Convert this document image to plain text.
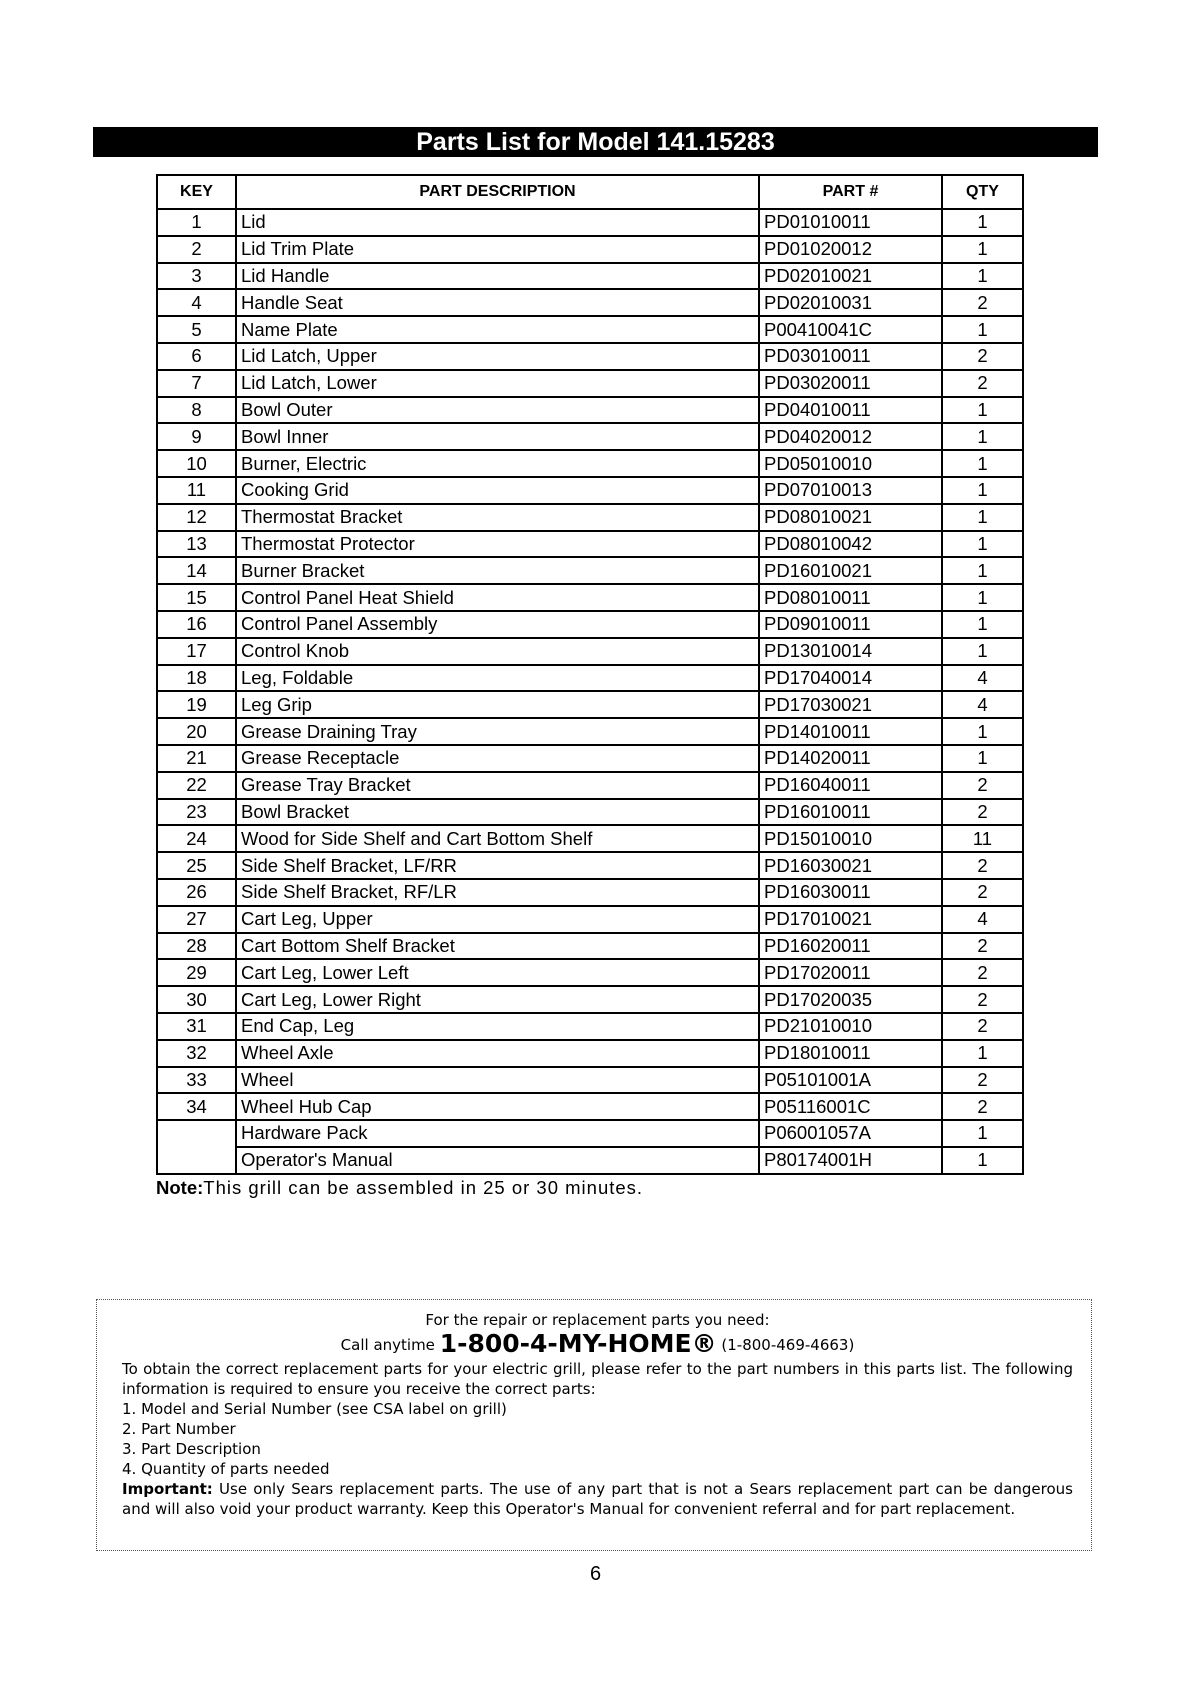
Parts List for Model 141.15283
KEY	PART DESCRIPTION	PART #	QTY
1	Lid	PD01010011	1
2	Lid Trim Plate	PD01020012	1
3	Lid Handle	PD02010021	1
4	Handle Seat	PD02010031	2
5	Name Plate	P00410041C	1
6	Lid Latch, Upper	PD03010011	2
7	Lid Latch, Lower	PD03020011	2
8	Bowl Outer	PD04010011	1
9	Bowl Inner	PD04020012	1
10	Burner, Electric	PD05010010	1
11	Cooking Grid	PD07010013	1
12	Thermostat Bracket	PD08010021	1
13	Thermostat Protector	PD08010042	1
14	Burner Bracket	PD16010021	1
15	Control Panel Heat Shield	PD08010011	1
16	Control Panel Assembly	PD09010011	1
17	Control Knob	PD13010014	1
18	Leg, Foldable	PD17040014	4
19	Leg Grip	PD17030021	4
20	Grease Draining Tray	PD14010011	1
21	Grease Receptacle	PD14020011	1
22	Grease Tray Bracket	PD16040011	2
23	Bowl Bracket	PD16010011	2
24	Wood for Side Shelf and Cart Bottom Shelf	PD15010010	11
25	Side Shelf Bracket, LF/RR	PD16030021	2
26	Side Shelf Bracket, RF/LR	PD16030011	2
27	Cart Leg, Upper	PD17010021	4
28	Cart Bottom Shelf Bracket	PD16020011	2
29	Cart Leg, Lower Left	PD17020011	2
30	Cart Leg, Lower Right	PD17020035	2
31	End Cap, Leg	PD21010010	2
32	Wheel Axle	PD18010011	1
33	Wheel	P05101001A	2
34	Wheel Hub Cap	P05116001C	2
	Hardware Pack	P06001057A	1
	Operator's Manual	P80174001H	1
Note:This grill can be assembled in 25 or 30 minutes.

For the repair or replacement parts you need:

Call anytime 1-800-4-MY-HOME® (1-800-469-4663)

To obtain the correct replacement parts for your electric grill, please refer to the part numbers in this parts list. The following information is required to ensure you receive the correct parts:

1. Model and Serial Number (see CSA label on grill)

2. Part Number

3. Part Description

4. Quantity of parts needed

Important: Use only Sears replacement parts. The use of any part that is not a Sears replacement part can be dangerous and will also void your product warranty. Keep this Operator's Manual for convenient referral and for part replacement.

6
